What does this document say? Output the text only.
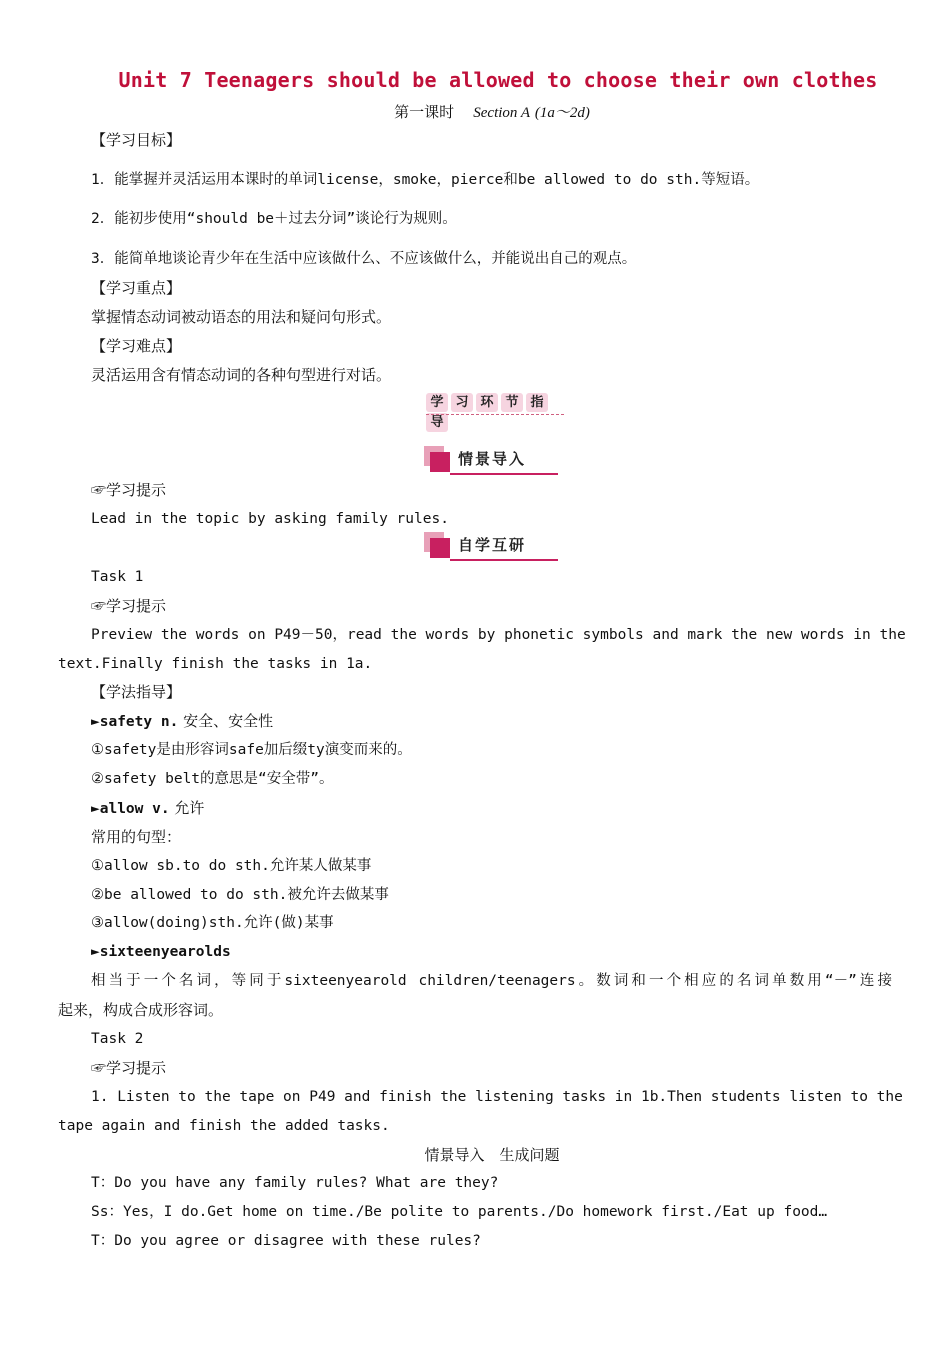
Unit 7 Teenagers should be allowed to choose their own clothes
第一课时 Section A (1a～2d)
【学习目标】
1．能掌握并灵活运用本课时的单词license，smoke，pierce和be allowed to do sth.等短语。
2．能初步使用“should be＋过去分词”谈论行为规则。
3．能简单地谈论青少年在生活中应该做什么、不应该做什么，并能说出自己的观点。
【学习重点】
掌握情态动词被动语态的用法和疑问句形式。
【学习难点】
灵活运用含有情态动词的各种句型进行对话。
学 习 环 节 指导
情景导入
☞学习提示
Lead in the topic by asking family rules.
自学互研
Task 1
☞学习提示
Preview the words on P49－50，read the words by phonetic symbols and mark the new words in the
text.Finally finish the tasks in 1a.
【学法指导】
►safety n. 安全、安全性
①safety是由形容词safe加后缀ty演变而来的。
②safety belt的意思是“安全带”。
►allow v. 允许
常用的句型：
①allow sb.to do sth.允许某人做某事
②be allowed to do sth.被允许去做某事
③allow(doing)sth.允许(做)某事
►sixteenyearolds
相当于一个名词，等同于sixteenyearold children/teenagers。数词和一个相应的名词单数用“－”连接
起来，构成合成形容词。
Task 2
☞学习提示
1. Listen to the tape on P49 and finish the listening tasks in 1b.Then students listen to the
tape again and finish the added tasks.
情景导入　生成问题
T：Do you have any family rules? What are they?
Ss：Yes，I do.Get home on time./Be polite to parents./Do homework first./Eat up food…
T：Do you agree or disagree with these rules?
